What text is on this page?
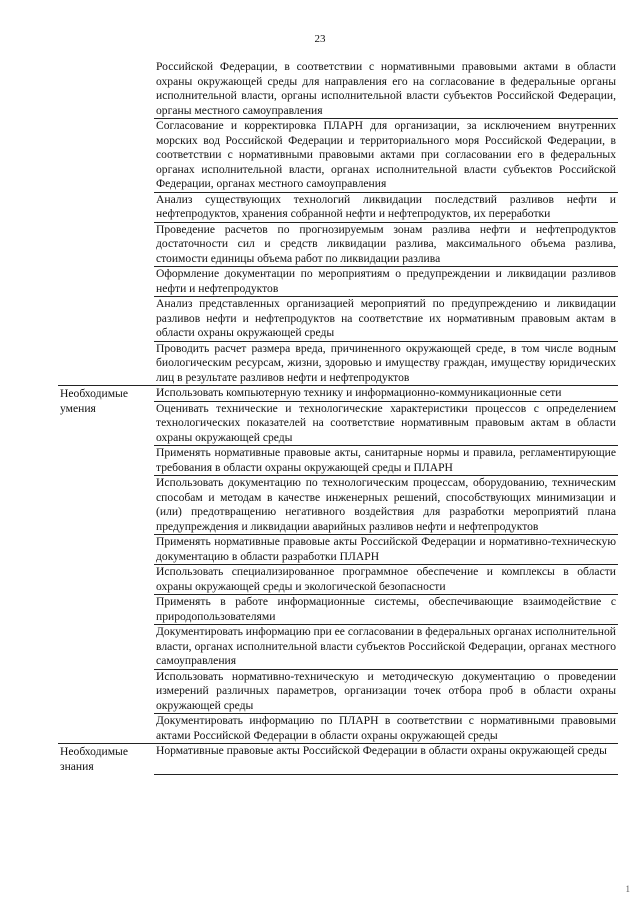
23
	Российской Федерации, в соответствии с нормативными правовыми актами в области охраны окружающей среды для направления его на согласование в федеральные органы исполнительной власти, органы исполнительной власти субъектов Российской Федерации, органы местного самоуправления
	Согласование и корректировка ПЛАРН для организации, за исключением внутренних морских вод Российской Федерации и территориального моря Российской Федерации, в соответствии с нормативными правовыми актами при согласовании его в федеральных органах исполнительной власти, органах исполнительной власти субъектов Российской Федерации, органах местного самоуправления
	Анализ существующих технологий ликвидации последствий разливов нефти и нефтепродуктов, хранения собранной нефти и нефтепродуктов, их переработки
	Проведение расчетов по прогнозируемым зонам разлива нефти и нефтепродуктов достаточности сил и средств ликвидации разлива, максимального объема разлива, стоимости единицы объема работ по ликвидации разлива
	Оформление документации по мероприятиям о предупреждении и ликвидации разливов нефти и нефтепродуктов
	Анализ представленных организацией мероприятий по предупреждению и ликвидации разливов нефти и нефтепродуктов на соответствие их нормативным правовым актам в области охраны окружающей среды
	Проводить расчет размера вреда, причиненного окружающей среде, в том числе водным биологическим ресурсам, жизни, здоровью и имуществу граждан, имуществу юридических лиц в результате разливов нефти и нефтепродуктов

Необходимые умения	Использовать компьютерную технику и информационно-коммуникационные сети
	Оценивать технические и технологические характеристики процессов с определением технологических показателей на соответствие нормативным правовым актам в области охраны окружающей среды
	Применять нормативные правовые акты, санитарные нормы и правила, регламентирующие требования в области охраны окружающей среды и ПЛАРН
	Использовать документацию по технологическим процессам, оборудованию, техническим способам и методам в качестве инженерных решений, способствующих минимизации и (или) предотвращению негативного воздействия для разработки мероприятий плана предупреждения и ликвидации аварийных разливов нефти и нефтепродуктов
	Применять нормативные правовые акты Российской Федерации и нормативно-техническую документацию в области разработки ПЛАРН
	Использовать специализированное программное обеспечение и комплексы в области охраны окружающей среды и экологической безопасности
	Применять в работе информационные системы, обеспечивающие взаимодействие с природопользователями
	Документировать информацию при ее согласовании в федеральных органах исполнительной власти, органах исполнительной власти субъектов Российской Федерации, органах местного самоуправления
	Использовать нормативно-техническую и методическую документацию о проведении измерений различных параметров, организации точек отбора проб в области охраны окружающей среды
	Документировать информацию по ПЛАРН в соответствии с нормативными правовыми актами Российской Федерации в области охраны окружающей среды

Необходимые знания	Нормативные правовые акты Российской Федерации в области охраны окружающей среды
1
